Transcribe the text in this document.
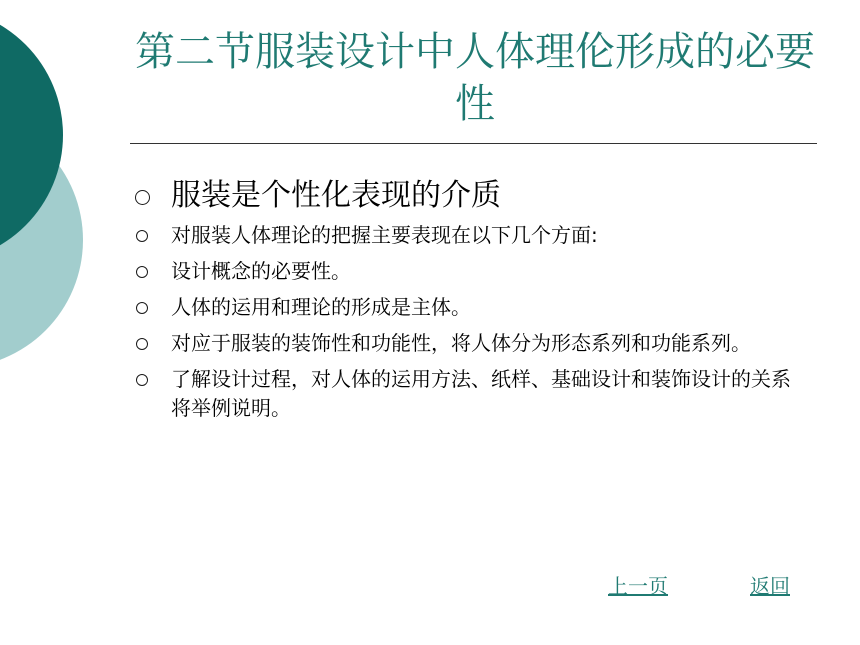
第二节服装设计中人体理伦形成的必要性
服装是个性化表现的介质
对服装人体理论的把握主要表现在以下几个方面:
设计概念的必要性。
人体的运用和理论的形成是主体。
对应于服装的装饰性和功能性，将人体分为形态系列和功能系列。
了解设计过程，对人体的运用方法、纸样、基础设计和装饰设计的关系将举例说明。
上一页	返回
